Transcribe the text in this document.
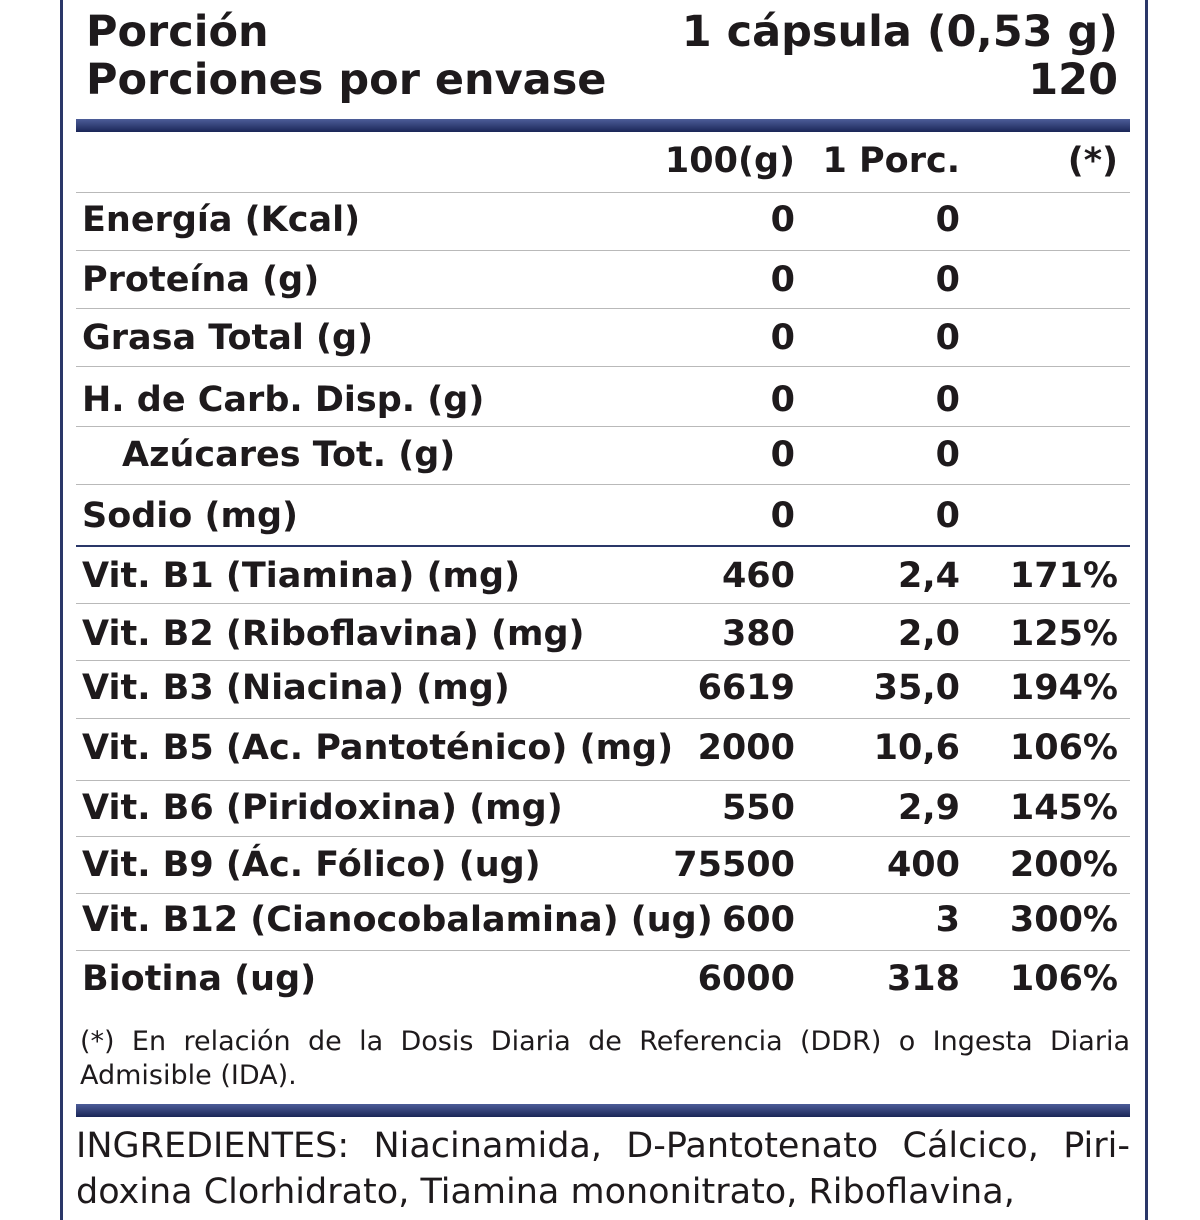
Porción	1 cápsula (0,53 g)
Porciones por envase	120
100(g) 1 Porc.	(*)
Energía (Kcal)	0	0
Proteína (g)	0	0
Grasa Total (g)	0	0
H. de Carb. Disp. (g)	0	0
Azúcares Tot. (g)	0	0
Sodio (mg)	0	0
Vit. B1 (Tiamina) (mg)	460	2,4 171%
Vit. B2 (Riboflavina) (mg)	380	2,0 125%
Vit. B3 (Niacina) (mg)	6619 35,0 194%
Vit. B5 (Ac. Pantoténico) (mg) 2000 10,6 106%
Vit. B6 (Piridoxina) (mg)	550	2,9 145%
Vit. B9 (Ác. Fólico) (ug)	75500	400 200%
Vit. B12 (Cianocobalamina) (ug) 600	3 300%
Biotina (ug)	6000	318 106%
(*) En relación de la Dosis Diaria de Referencia (DDR) o Ingesta Diaria Admisible (IDA).
INGREDIENTES: Niacinamida, D-Pantotenato Cálcico, Piri-doxina Clorhidrato, Tiamina mononitrato, Riboflavina,
